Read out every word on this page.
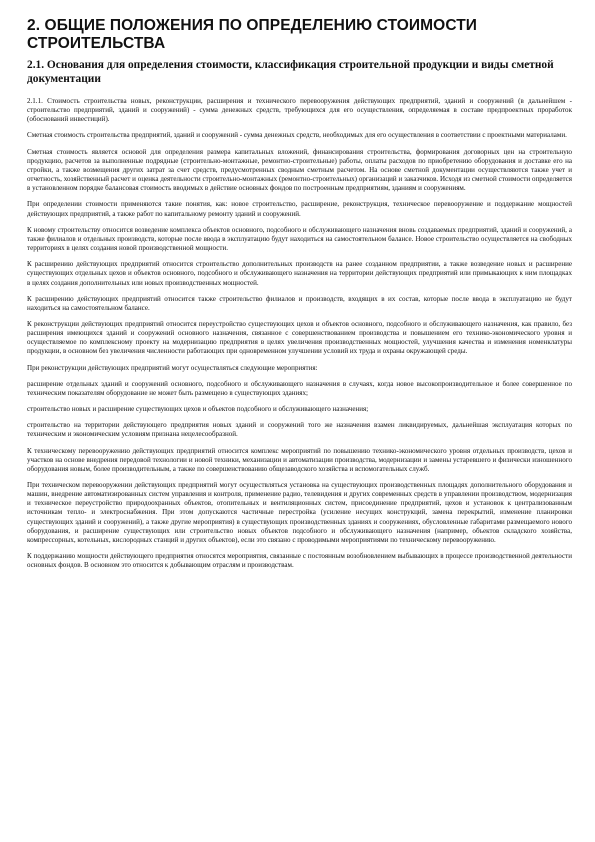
2. ОБЩИЕ ПОЛОЖЕНИЯ ПО ОПРЕДЕЛЕНИЮ СТОИМОСТИ СТРОИТЕЛЬСТВА
2.1. Основания для определения стоимости, классификация строительной продукции и виды сметной документации

2.1.1. Стоимость строительства новых, реконструкции, расширения и технического перевооружения действующих предприятий, зданий и сооружений (в дальнейшем - строительство предприятий, зданий и сооружений) - сумма денежных средств, требующихся для его осуществления, определяемая в составе предпроектных проработок (обоснований инвестиций).

Сметная стоимость строительства предприятий, зданий и сооружений - сумма денежных средств, необходимых для его осуществления в соответствии с проектными материалами.

Сметная стоимость является основой для определения размера капитальных вложений, финансирования строительства, формирования договорных цен на строительную продукцию, расчетов за выполненные подрядные (строительно-монтажные, ремонтно-строительные) работы, оплаты расходов по приобретению оборудования и доставке его на стройки, а также возмещения других затрат за счет средств, предусмотренных сводным сметным расчетом. На основе сметной документации осуществляются также учет и отчетность, хозяйственный расчет и оценка деятельности строительно-монтажных (ремонтно-строительных) организаций и заказчиков. Исходя из сметной стоимости определяется в установленном порядке балансовая стоимость вводимых в действие основных фондов по построенным предприятиям, зданиям и сооружениям.

При определении стоимости применяются такие понятия, как: новое строительство, расширение, реконструкция, техническое перевооружение и поддержание мощностей действующих предприятий, а также работ по капитальному ремонту зданий и сооружений.

К новому строительству относится возведение комплекса объектов основного, подсобного и обслуживающего назначения вновь создаваемых предприятий, зданий и сооружений, а также филиалов и отдельных производств, которые после ввода в эксплуатацию будут находиться на самостоятельном балансе. Новое строительство осуществляется на свободных территориях в целях создания новой производственной мощности.

К расширению действующих предприятий относится строительство дополнительных производств на ранее созданном предприятии, а также возведение новых и расширение существующих отдельных цехов и объектов основного, подсобного и обслуживающего назначения на территории действующих предприятий или примыкающих к ним площадках в целях создания дополнительных или новых производственных мощностей.

К расширению действующих предприятий относится также строительство филиалов и производств, входящих в их состав, которые после ввода в эксплуатацию не будут находиться на самостоятельном балансе.

К реконструкции действующих предприятий относится переустройство существующих цехов и объектов основного, подсобного и обслуживающего назначения, как правило, без расширения имеющихся зданий и сооружений основного назначения, связанное с совершенствованием производства и повышением его технико-экономического уровня и осуществляемое по комплексному проекту на модернизацию предприятия в целях увеличения производственных мощностей, улучшения качества и изменения номенклатуры продукции, в основном без увеличения численности работающих при одновременном улучшении условий их труда и охраны окружающей среды.

При реконструкции действующих предприятий могут осуществляться следующие мероприятия:

расширение отдельных зданий и сооружений основного, подсобного и обслуживающего назначения в случаях, когда новое высокопроизводительное и более совершенное по техническим показателям оборудование не может быть размещено в существующих зданиях;

строительство новых и расширение существующих цехов и объектов подсобного и обслуживающего назначения;

строительство на территории действующего предприятия новых зданий и сооружений того же назначения взамен ликвидируемых, дальнейшая эксплуатация которых по техническим и экономическим условиям признана нецелесообразной.

К техническому перевооружению действующих предприятий относится комплекс мероприятий по повышению технико-экономического уровня отдельных производств, цехов и участков на основе внедрения передовой технологии и новой техники, механизации и автоматизации производства, модернизации и замены устаревшего и физически изношенного оборудования новым, более производительным, а также по совершенствованию общезаводского хозяйства и вспомогательных служб.

При техническом перевооружении действующих предприятий могут осуществляться установка на существующих производственных площадях дополнительного оборудования и машин, внедрение автоматизированных систем управления и контроля, применение радио, телевидения и других современных средств в управлении производством, модернизация и техническое переустройство природоохранных объектов, отопительных и вентиляционных систем, присоединение предприятий, цехов и установок к централизованным источникам тепло- и электроснабжения. При этом допускаются частичные перестройка (усиление несущих конструкций, замена перекрытий, изменение планировки существующих зданий и сооружений), а также другие мероприятия) в существующих производственных зданиях и сооружениях, обусловленные габаритами размещаемого нового оборудования, и расширение существующих или строительство новых объектов подсобного и обслуживающего назначения (например, объектов складского хозяйства, компрессорных, котельных, кислородных станций и других объектов), если это связано с проводимыми мероприятиями по техническому перевооружению.

К поддержанию мощности действующего предприятия относятся мероприятия, связанные с постоянным возобновлением выбывающих в процессе производственной деятельности основных фондов. В основном это относится к добывающим отраслям и производствам.
